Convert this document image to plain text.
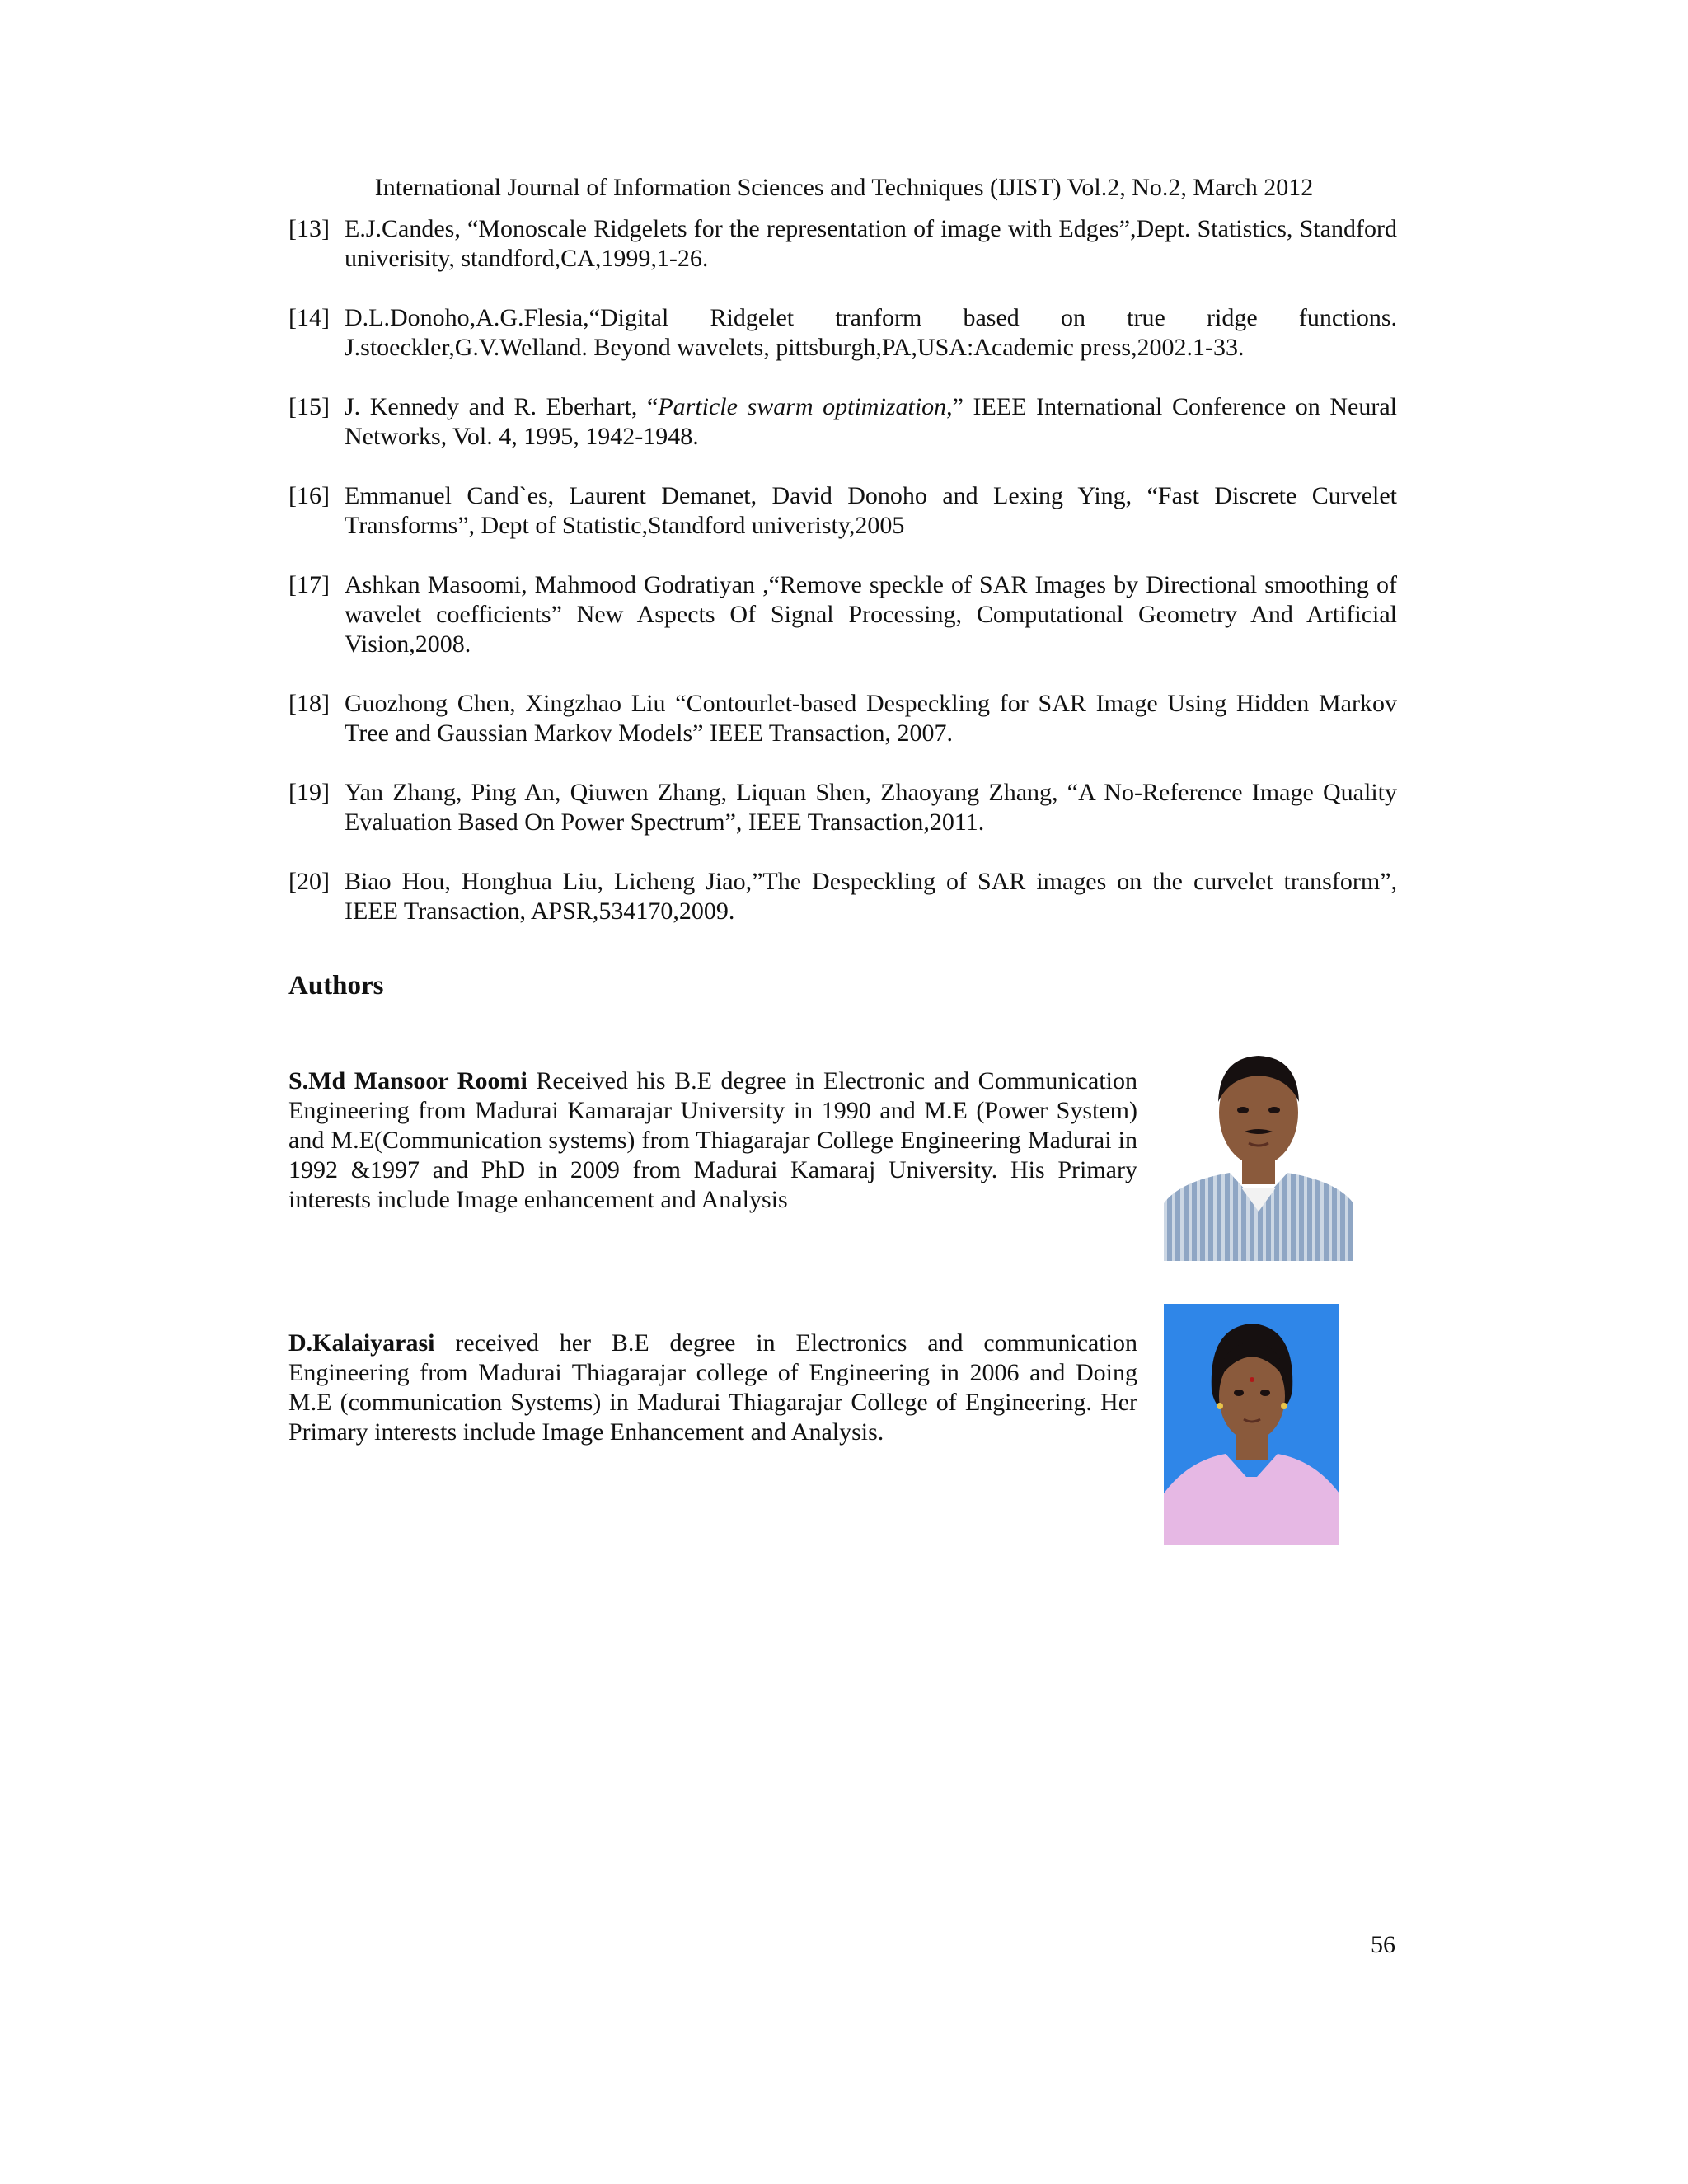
International Journal of Information Sciences and Techniques (IJIST) Vol.2, No.2, March 2012
[13] E.J.Candes, “Monoscale Ridgelets for the representation of image with Edges”,Dept. Statistics, Standford univerisity, standford,CA,1999,1-26.
[14] D.L.Donoho,A.G.Flesia,“Digital Ridgelet tranform based on true ridge functions. J.stoeckler,G.V.Welland. Beyond wavelets, pittsburgh,PA,USA:Academic press,2002.1-33.
[15] J. Kennedy and R. Eberhart, “Particle swarm optimization,” IEEE International Conference on Neural Networks, Vol. 4, 1995, 1942-1948.
[16] Emmanuel Cand`es, Laurent Demanet, David Donoho and Lexing Ying, “Fast Discrete Curvelet Transforms”, Dept of Statistic,Standford univeristy,2005
[17] Ashkan Masoomi, Mahmood Godratiyan ,“Remove speckle of SAR Images by Directional smoothing of wavelet coefficients” New Aspects Of Signal Processing, Computational Geometry And Artificial Vision,2008.
[18] Guozhong Chen, Xingzhao Liu “Contourlet-based Despeckling for SAR Image Using Hidden Markov Tree and Gaussian Markov Models” IEEE Transaction, 2007.
[19] Yan Zhang, Ping An, Qiuwen Zhang, Liquan Shen, Zhaoyang Zhang, “A No-Reference Image Quality Evaluation Based On Power Spectrum”, IEEE Transaction,2011.
[20] Biao Hou, Honghua Liu, Licheng Jiao,”The Despeckling of SAR images on the curvelet transform”, IEEE Transaction, APSR,534170,2009.
Authors

S.Md Mansoor Roomi Received his B.E degree in Electronic and Communication Engineering from Madurai Kamarajar University in 1990 and M.E (Power System) and M.E(Communication systems) from Thiagarajar College Engineering Madurai in 1992 &1997 and PhD in 2009 from Madurai Kamaraj University. His Primary interests include Image enhancement and Analysis

D.Kalaiyarasi received her B.E degree in Electronics and communication Engineering from Madurai Thiagarajar college of Engineering in 2006 and Doing M.E (communication Systems) in Madurai Thiagarajar College of Engineering. Her Primary interests include Image Enhancement and Analysis.

56
